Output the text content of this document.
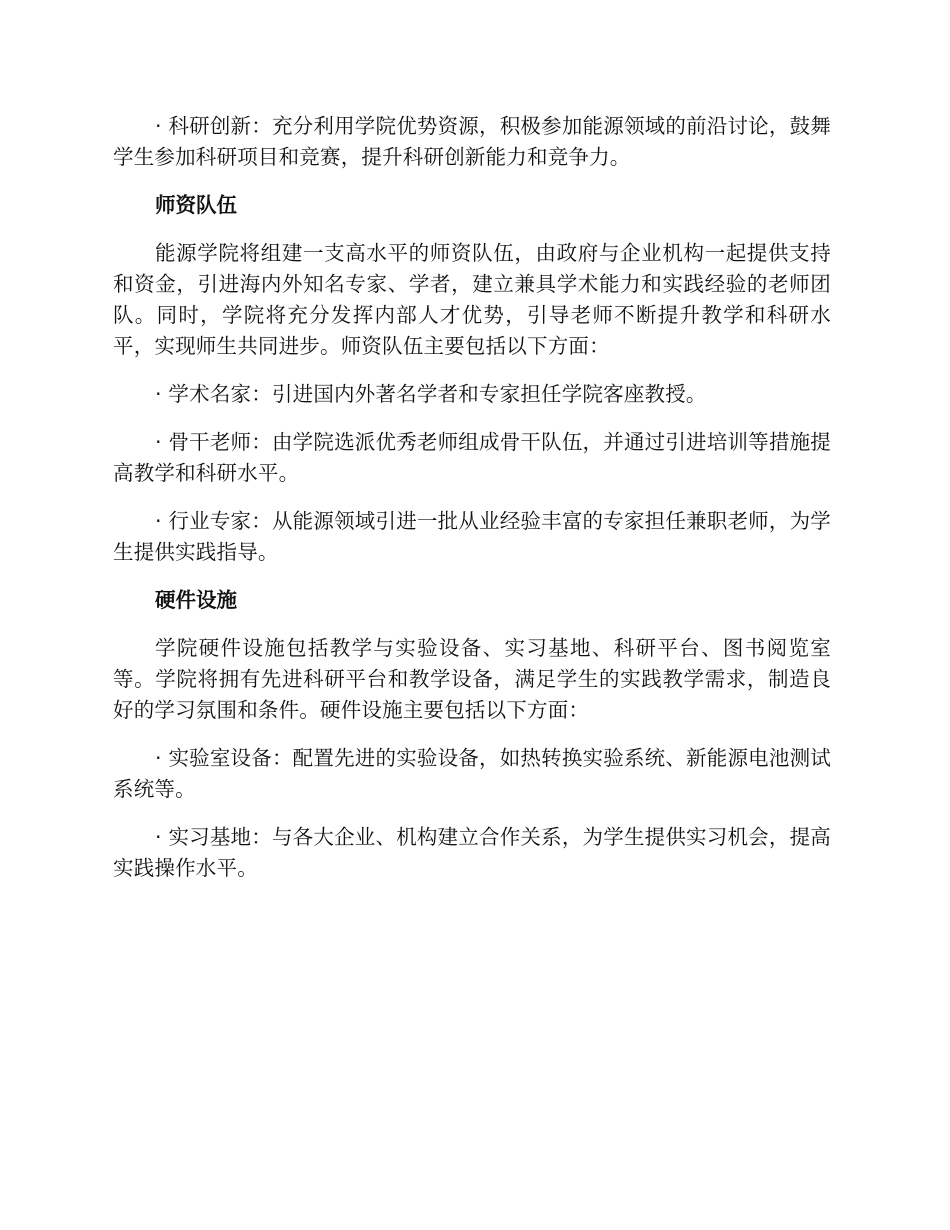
· 科研创新：充分利用学院优势资源，积极参加能源领域的前沿讨论，鼓舞学生参加科研项目和竞赛，提升科研创新能力和竞争力。

师资队伍

能源学院将组建一支高水平的师资队伍，由政府与企业机构一起提供支持和资金，引进海内外知名专家、学者，建立兼具学术能力和实践经验的老师团队。同时，学院将充分发挥内部人才优势，引导老师不断提升教学和科研水平，实现师生共同进步。师资队伍主要包括以下方面：

· 学术名家：引进国内外著名学者和专家担任学院客座教授。

· 骨干老师：由学院选派优秀老师组成骨干队伍，并通过引进培训等措施提高教学和科研水平。

· 行业专家：从能源领域引进一批从业经验丰富的专家担任兼职老师，为学生提供实践指导。

硬件设施

学院硬件设施包括教学与实验设备、实习基地、科研平台、图书阅览室等。学院将拥有先进科研平台和教学设备，满足学生的实践教学需求，制造良好的学习氛围和条件。硬件设施主要包括以下方面：

· 实验室设备：配置先进的实验设备，如热转换实验系统、新能源电池测试系统等。

· 实习基地：与各大企业、机构建立合作关系，为学生提供实习机会，提高实践操作水平。
